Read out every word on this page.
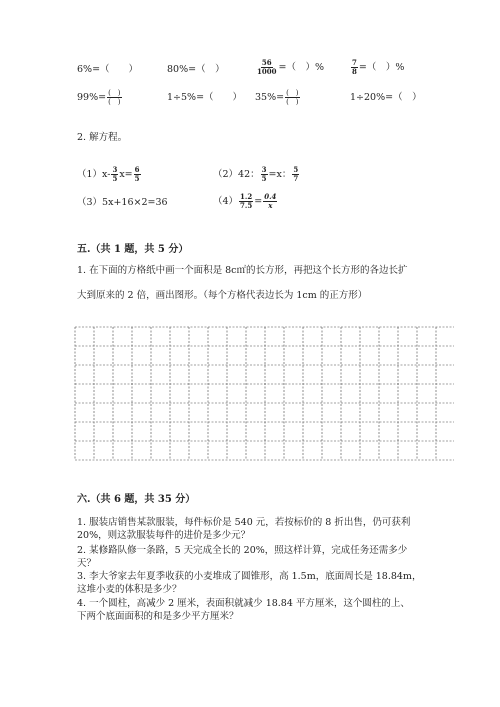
6%=（　　）	80%=（　）	$\frac{56}{1000}$ =（　）%	$\frac{7}{8}$ =（　）%
$99\%= \frac{( )}{( )}$	1÷5%=（　　） $35\%= \frac{( )}{( )}$	1÷20%=（　）
2. 解方程。
$(1)x- \frac{3}{5} x= \frac{6}{5}$	（2）42： $\frac{3}{5} =x$： $\frac{5}{7}$
（3）5x+16×2=36	$(4) \frac{1.2}{7.5} = \frac{0.4}{x}$
五.（共 1 题，共 5 分）
1. 在下面的方格纸中画一个面积是 8c㎡的长方形，再把这个长方形的各边长扩
大到原来的 2 倍，画出图形。（每个方格代表边长为 1cm 的正方形）
六.（共 6 题，共 35 分）
1. 服装店销售某款服装，每件标价是 540 元，若按标价的 8 折出售，仍可获利
20%，则这款服装每件的进价是多少元？
2. 某修路队修一条路，5 天完成全长的 20%，照这样计算，完成任务还需多少
天？
3. 李大爷家去年夏季收获的小麦堆成了圆锥形，高 1.5m，底面周长是 18.84m，
这堆小麦的体积是多少？
4. 一个圆柱，高减少 2 厘米，表面积就减少 18.84 平方厘米，这个圆柱的上、
下两个底面面积的和是多少平方厘米？
